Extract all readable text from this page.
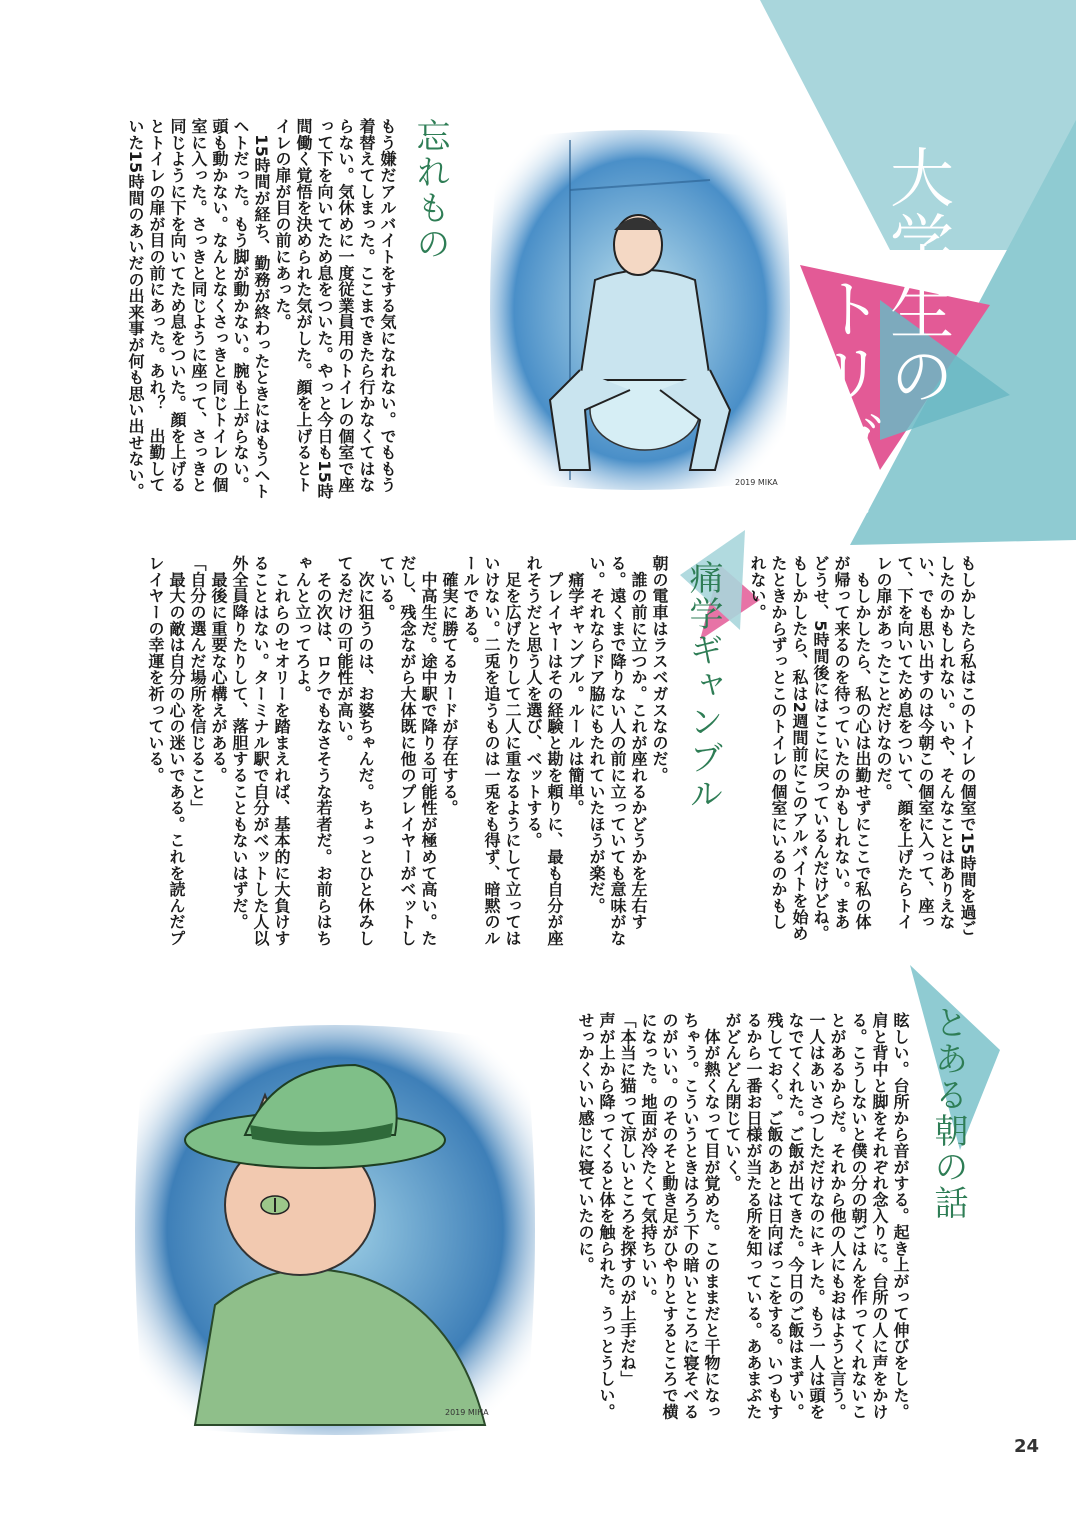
大学生の

ヒトリゴト

2019 MIKA
2019 MIHA
忘れもの
もう嫌だアルバイトをする気になれない。でももう着替えてしまった。ここまできたら行かなくてはならない。気休めに一度従業員用のトイレの個室で座って下を向いてため息をついた。やっと今日も15時間働く覚悟を決められた気がした。顔を上げるとトイレの扉が目の前にあった。
　15時間が経ち、勤務が終わったときにはもうヘトヘトだった。もう脚が動かない。腕も上がらない。頭も動かない。なんとなくさっきと同じトイレの個室に入った。さっきと同じように座って、さっきと同じように下を向いてため息をついた。顔を上げるとトイレの扉が目の前にあった。あれ？　出勤していた15時間のあいだの出来事が何も思い出せない。
もしかしたら私はこのトイレの個室で15時間を過ごしたのかもしれない。いや、そんなことはありえない、でも思い出すのは今朝この個室に入って、座って、下を向いてため息をついて、顔を上げたらトイレの扉があったことだけなのだ。
　もしかしたら、私の心は出勤せずにここで私の体が帰って来るのを待っていたのかもしれない。まあどうせ、5時間後にはここに戻っているんだけどね。もしかしたら、私は2週間前にこのアルバイトを始めたときからずっとこのトイレの個室にいるのかもしれない。
痛学ギャンブル
朝の電車はラスベガスなのだ。
　誰の前に立つか。これが座れるかどうかを左右する。遠くまで降りない人の前に立っていても意味がない。それならドア脇にもたれていたほうが楽だ。
　痛学ギャンブル。ルールは簡単。
　プレイヤーはその経験と勘を頼りに、最も自分が座れそうだと思う人を選び、ベットする。
　足を広げたりして二人に重なるようにして立ってはいけない。二兎を追うものは一兎をも得ず、暗黙のルールである。
　確実に勝てるカードが存在する。
　中高生だ。途中駅で降りる可能性が極めて高い。ただし、残念ながら大体既に他のプレイヤーがベットしている。
　次に狙うのは、お婆ちゃんだ。ちょっとひと休みしてるだけの可能性が高い。
　その次は、ロクでもなさそうな若者だ。お前らはちゃんと立ってろよ。
　これらのセオリーを踏まえれば、基本的に大負けすることはない。ターミナル駅で自分がベットした人以外全員降りたりして、落胆することもないはずだ。
　最後に重要な心構えがある。
「自分の選んだ場所を信じること」
　最大の敵は自分の心の迷いである。これを読んだプレイヤーの幸運を祈っている。
とある朝の話
眩しい。台所から音がする。起き上がって伸びをした。肩と背中と脚をそれぞれ念入りに。台所の人に声をかける。こうしないと僕の分の朝ごはんを作ってくれないことがあるからだ。それから他の人にもおはようと言う。一人はあいさつしただけなのにキレた。もう一人は頭をなでてくれた。ご飯が出てきた。今日のご飯はまずい。残しておく。ご飯のあとは日向ぼっこをする。いつもするから一番お日様が当たる所を知っている。ああまぶたがどんどん閉じていく。
　体が熱くなって目が覚めた。このままだと干物になっちゃう。こういうときはろう下の暗いところに寝そべるのがいい。のそのそと動き足がひやりとするところで横になった。地面が冷たくて気持ちいい。
「本当に猫って涼しいところを探すのが上手だね」
声が上から降ってくると体を触られた。うっとうしい。せっかくいい感じに寝ていたのに。
24
